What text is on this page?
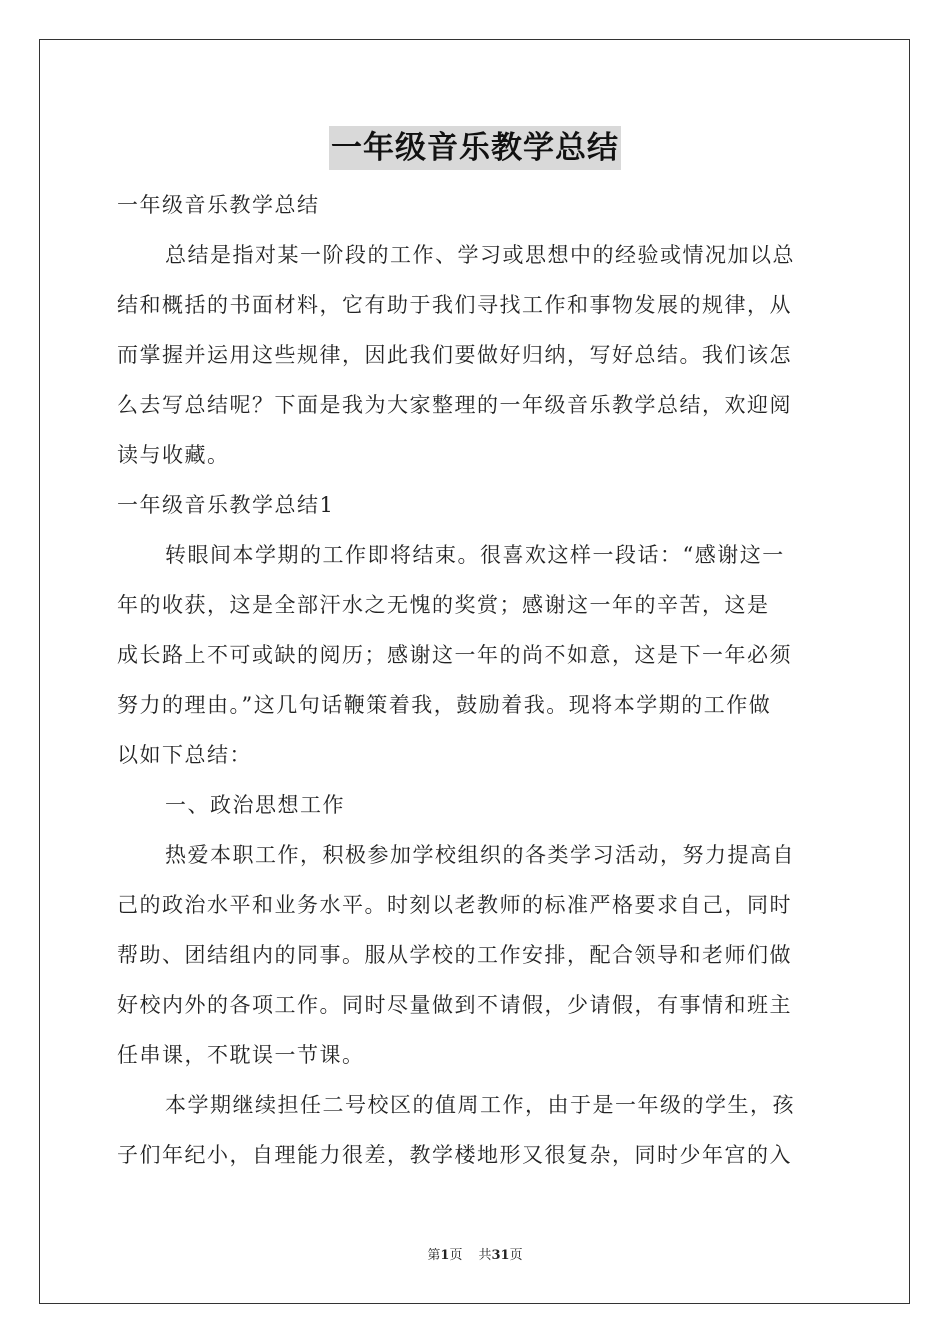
一年级音乐教学总结
一年级音乐教学总结
总结是指对某一阶段的工作、学习或思想中的经验或情况加以总
结和概括的书面材料，它有助于我们寻找工作和事物发展的规律，从
而掌握并运用这些规律，因此我们要做好归纳，写好总结。我们该怎
么去写总结呢？下面是我为大家整理的一年级音乐教学总结，欢迎阅
读与收藏。
一年级音乐教学总结1
转眼间本学期的工作即将结束。很喜欢这样一段话：“感谢这一
年的收获，这是全部汗水之无愧的奖赏；感谢这一年的辛苦，这是
成长路上不可或缺的阅历；感谢这一年的尚不如意，这是下一年必须
努力的理由。”这几句话鞭策着我，鼓励着我。现将本学期的工作做
以如下总结：
一、政治思想工作
热爱本职工作，积极参加学校组织的各类学习活动，努力提高自
己的政治水平和业务水平。时刻以老教师的标准严格要求自己，同时
帮助、团结组内的同事。服从学校的工作安排，配合领导和老师们做
好校内外的各项工作。同时尽量做到不请假，少请假，有事情和班主
任串课，不耽误一节课。
本学期继续担任二号校区的值周工作，由于是一年级的学生，孩
子们年纪小，自理能力很差，教学楼地形又很复杂，同时少年宫的入
第1页 共31页
